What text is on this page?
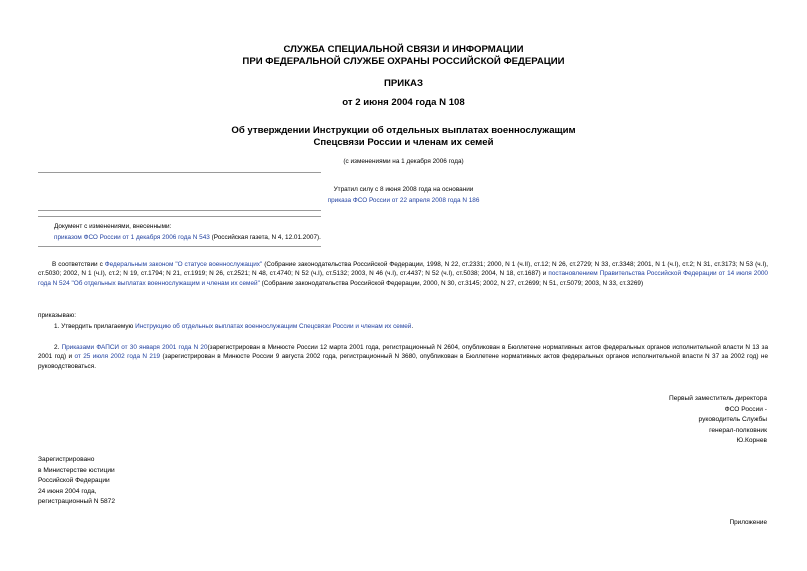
СЛУЖБА СПЕЦИАЛЬНОЙ СВЯЗИ И ИНФОРМАЦИИ
ПРИ ФЕДЕРАЛЬНОЙ СЛУЖБЕ ОХРАНЫ РОССИЙСКОЙ ФЕДЕРАЦИИ
ПРИКАЗ
от 2 июня 2004 года N 108
Об утверждении Инструкции об отдельных выплатах военнослужащим
Спецсвязи России и членам их семей
(с изменениями на 1 декабря 2006 года)
Утратил силу с 8 июня 2008 года на основании
приказа ФСО России от 22 апреля 2008 года N 186
Документ с изменениями, внесенными:
приказом ФСО России от 1 декабря 2006 года N 543 (Российская газета, N 4, 12.01.2007).
В соответствии с Федеральным законом "О статусе военнослужащих" (Собрание законодательства Российской Федерации, 1998, N 22, ст.2331; 2000, N 1 (ч.II), ст.12; N 26, ст.2729; N 33, ст.3348; 2001, N 1 (ч.I), ст.2; N 31, ст.3173; N 53 (ч.I), ст.5030; 2002, N 1 (ч.I), ст.2; N 19, ст.1794; N 21, ст.1919; N 26, ст.2521; N 48, ст.4740; N 52 (ч.I), ст.5132; 2003, N 46 (ч.I), ст.4437; N 52 (ч.I), ст.5038; 2004, N 18, ст.1687) и постановлением Правительства Российской Федерации от 14 июля 2000 года N 524 "Об отдельных выплатах военнослужащим и членам их семей" (Собрание законодательства Российской Федерации, 2000, N 30, ст.3145; 2002, N 27, ст.2699; N 51, ст.5079; 2003, N 33, ст.3269)
приказываю:
1. Утвердить прилагаемую Инструкцию об отдельных выплатах военнослужащим Спецсвязи России и членам их семей.
2. Приказами ФАПСИ от 30 января 2001 года N 20(зарегистрирован в Минюсте России 12 марта 2001 года, регистрационный N 2604, опубликован в Бюллетене нормативных актов федеральных органов исполнительной власти N 13 за 2001 год) и от 25 июля 2002 года N 219 (зарегистрирован в Минюсте России 9 августа 2002 года, регистрационный N 3680, опубликован в Бюллетене нормативных актов федеральных органов исполнительной власти N 37 за 2002 год) не руководствоваться.
Первый заместитель директора
ФСО России -
руководитель Службы
генерал-полковник
Ю.Корнев
Зарегистрировано
в Министерстве юстиции
Российской Федерации
24 июня 2004 года,
регистрационный N 5872
Приложение
